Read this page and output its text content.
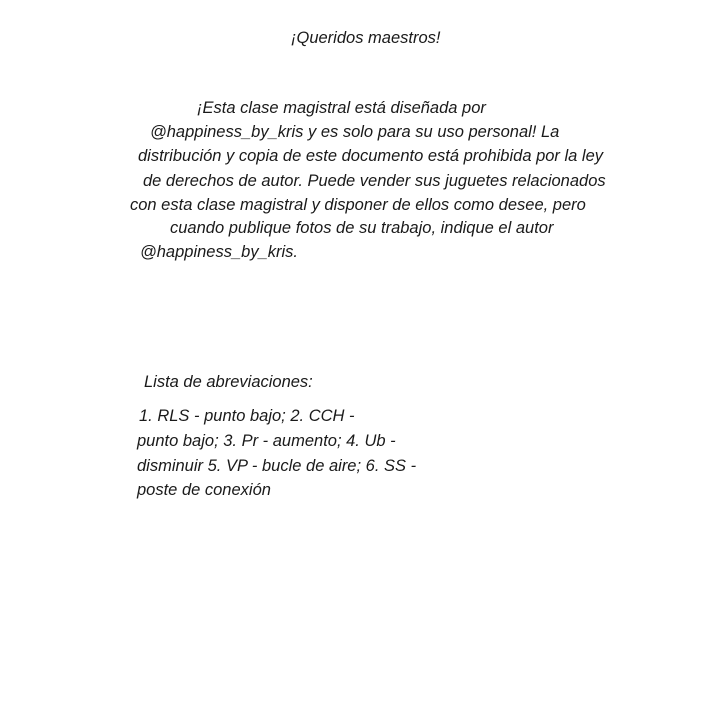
¡Queridos maestros!
¡Esta clase magistral está diseñada por
@happiness_by_kris y es solo para su uso personal! La
distribución y copia de este documento está prohibida por la ley
de derechos de autor. Puede vender sus juguetes relacionados
con esta clase magistral y disponer de ellos como desee, pero
cuando publique fotos de su trabajo, indique el autor
@happiness_by_kris.
Lista de abreviaciones:
1. RLS - punto bajo; 2. CCH -
punto bajo; 3. Pr - aumento; 4. Ub -
disminuir 5. VP - bucle de aire; 6. SS -
poste de conexión
